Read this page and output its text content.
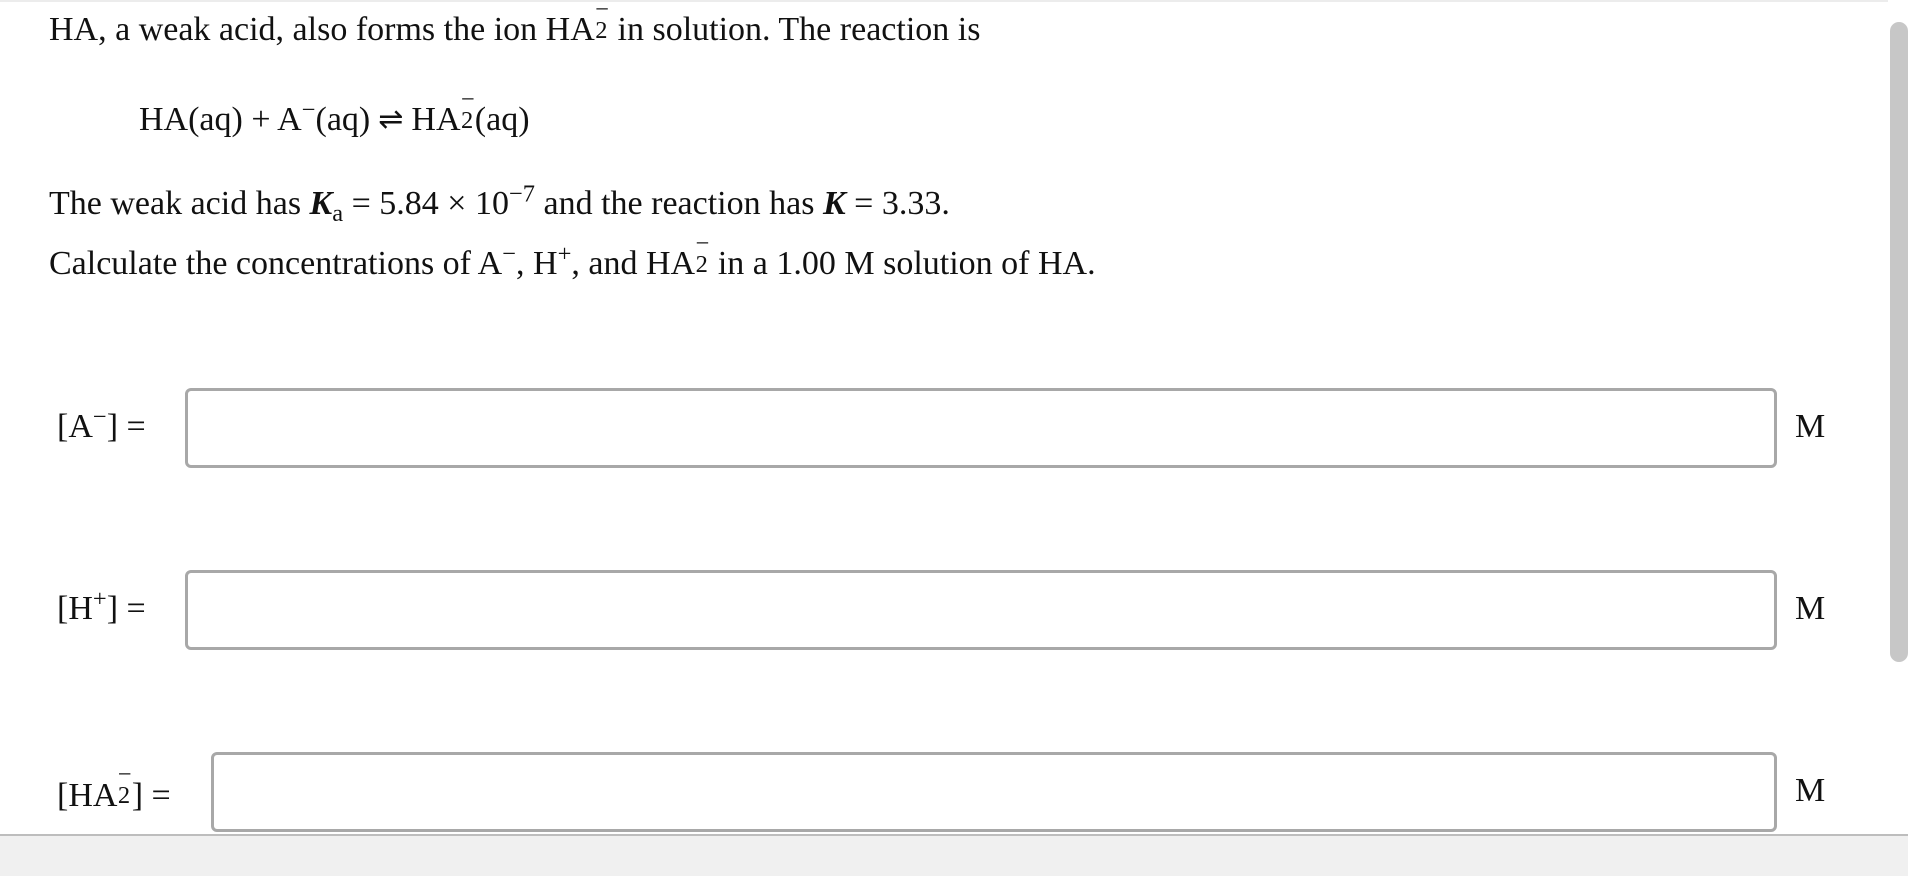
HA, a weak acid, also forms the ion HA
−
2 in solution. The reaction is
HA(aq) + A−(aq) ⇌ HA
−
2 (aq)
The weak acid has $K_a = 5.84 \times 10^{-7}$ and the reaction has K = 3.33.
Calculate the concentrations of A−, H+, and HA
−
2 in a 1.00 M solution of HA.
[A−] =	M
[H+] =	M
[HA
−
2 ] =	M
